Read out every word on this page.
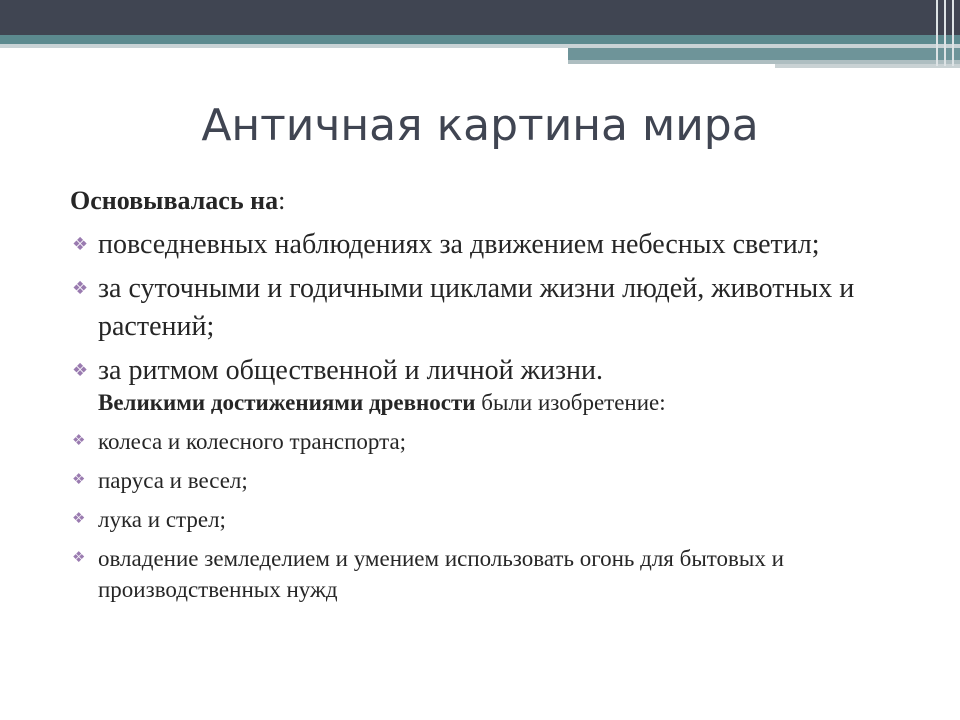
Античная картина мира

Основывалась на:

❖ повседневных наблюдениях за движением небесных светил;
❖ за суточными и годичными циклами жизни людей, животных и растений;
❖ за ритмом общественной и личной жизни.

Великими достижениями древности были изобретение:

❖ колеса и колесного транспорта;
❖ паруса и весел;
❖ лука и стрел;
❖ овладение земледелием и умением использовать огонь для бытовых и производственных нужд
